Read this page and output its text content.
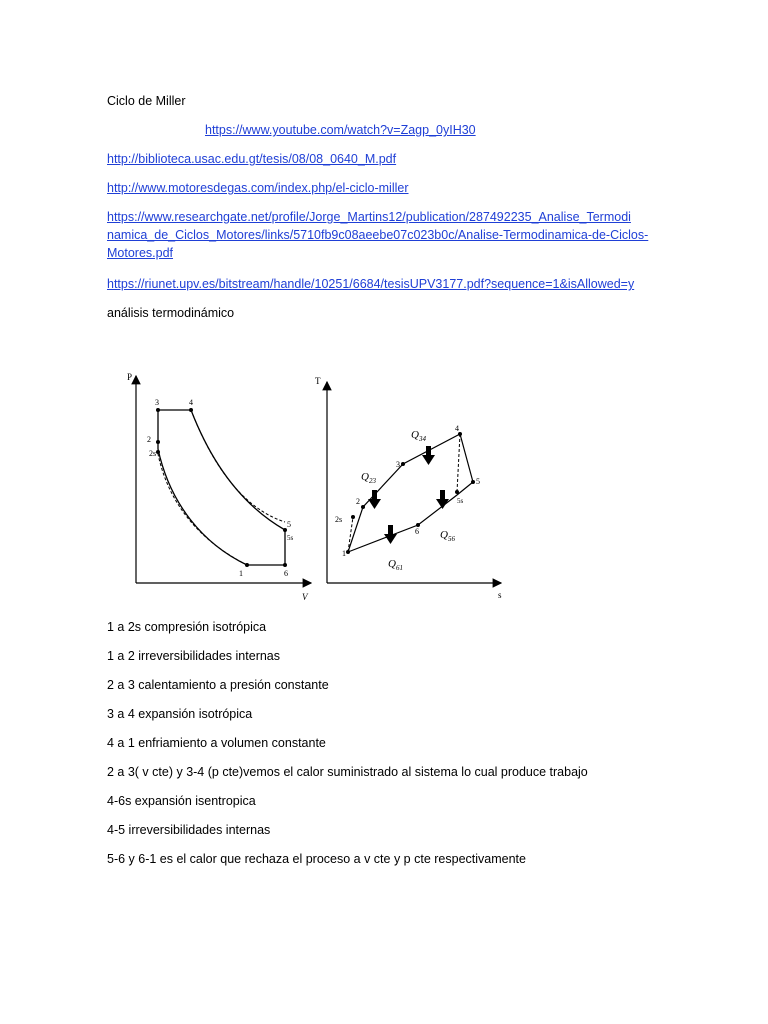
Ciclo de Miller
https://www.youtube.com/watch?v=Zagp_0yIH30
http://biblioteca.usac.edu.gt/tesis/08/08_0640_M.pdf
http://www.motoresdegas.com/index.php/el-ciclo-miller
https://www.researchgate.net/profile/Jorge_Martins12/publication/287492235_Analise_Termodi
namica_de_Ciclos_Motores/links/5710fb9c08aeebe07c023b0c/Analise-Termodinamica-de-Ciclos-
Motores.pdf
https://riunet.upv.es/bitstream/handle/10251/6684/tesisUPV3177.pdf?sequence=1&isAllowed=y
análisis termodinámico
P
V
3	4
2
2s
5
5s
1	6
T
s
1
2s
2
3
4
5
5s
6
$Q_{34}$
$Q_{23}$
$Q_{56}$
$Q_{61}$
1 a 2s compresión isotrópica
1 a 2 irreversibilidades internas
2 a 3 calentamiento a presión constante
3 a 4 expansión isotrópica
4 a 1 enfriamiento a volumen constante
2 a 3( v cte) y 3-4 (p cte)vemos el calor suministrado al sistema lo cual produce trabajo
4-6s expansión isentropica
4-5 irreversibilidades internas
5-6 y 6-1 es el calor que rechaza el proceso a v cte y p cte respectivamente
